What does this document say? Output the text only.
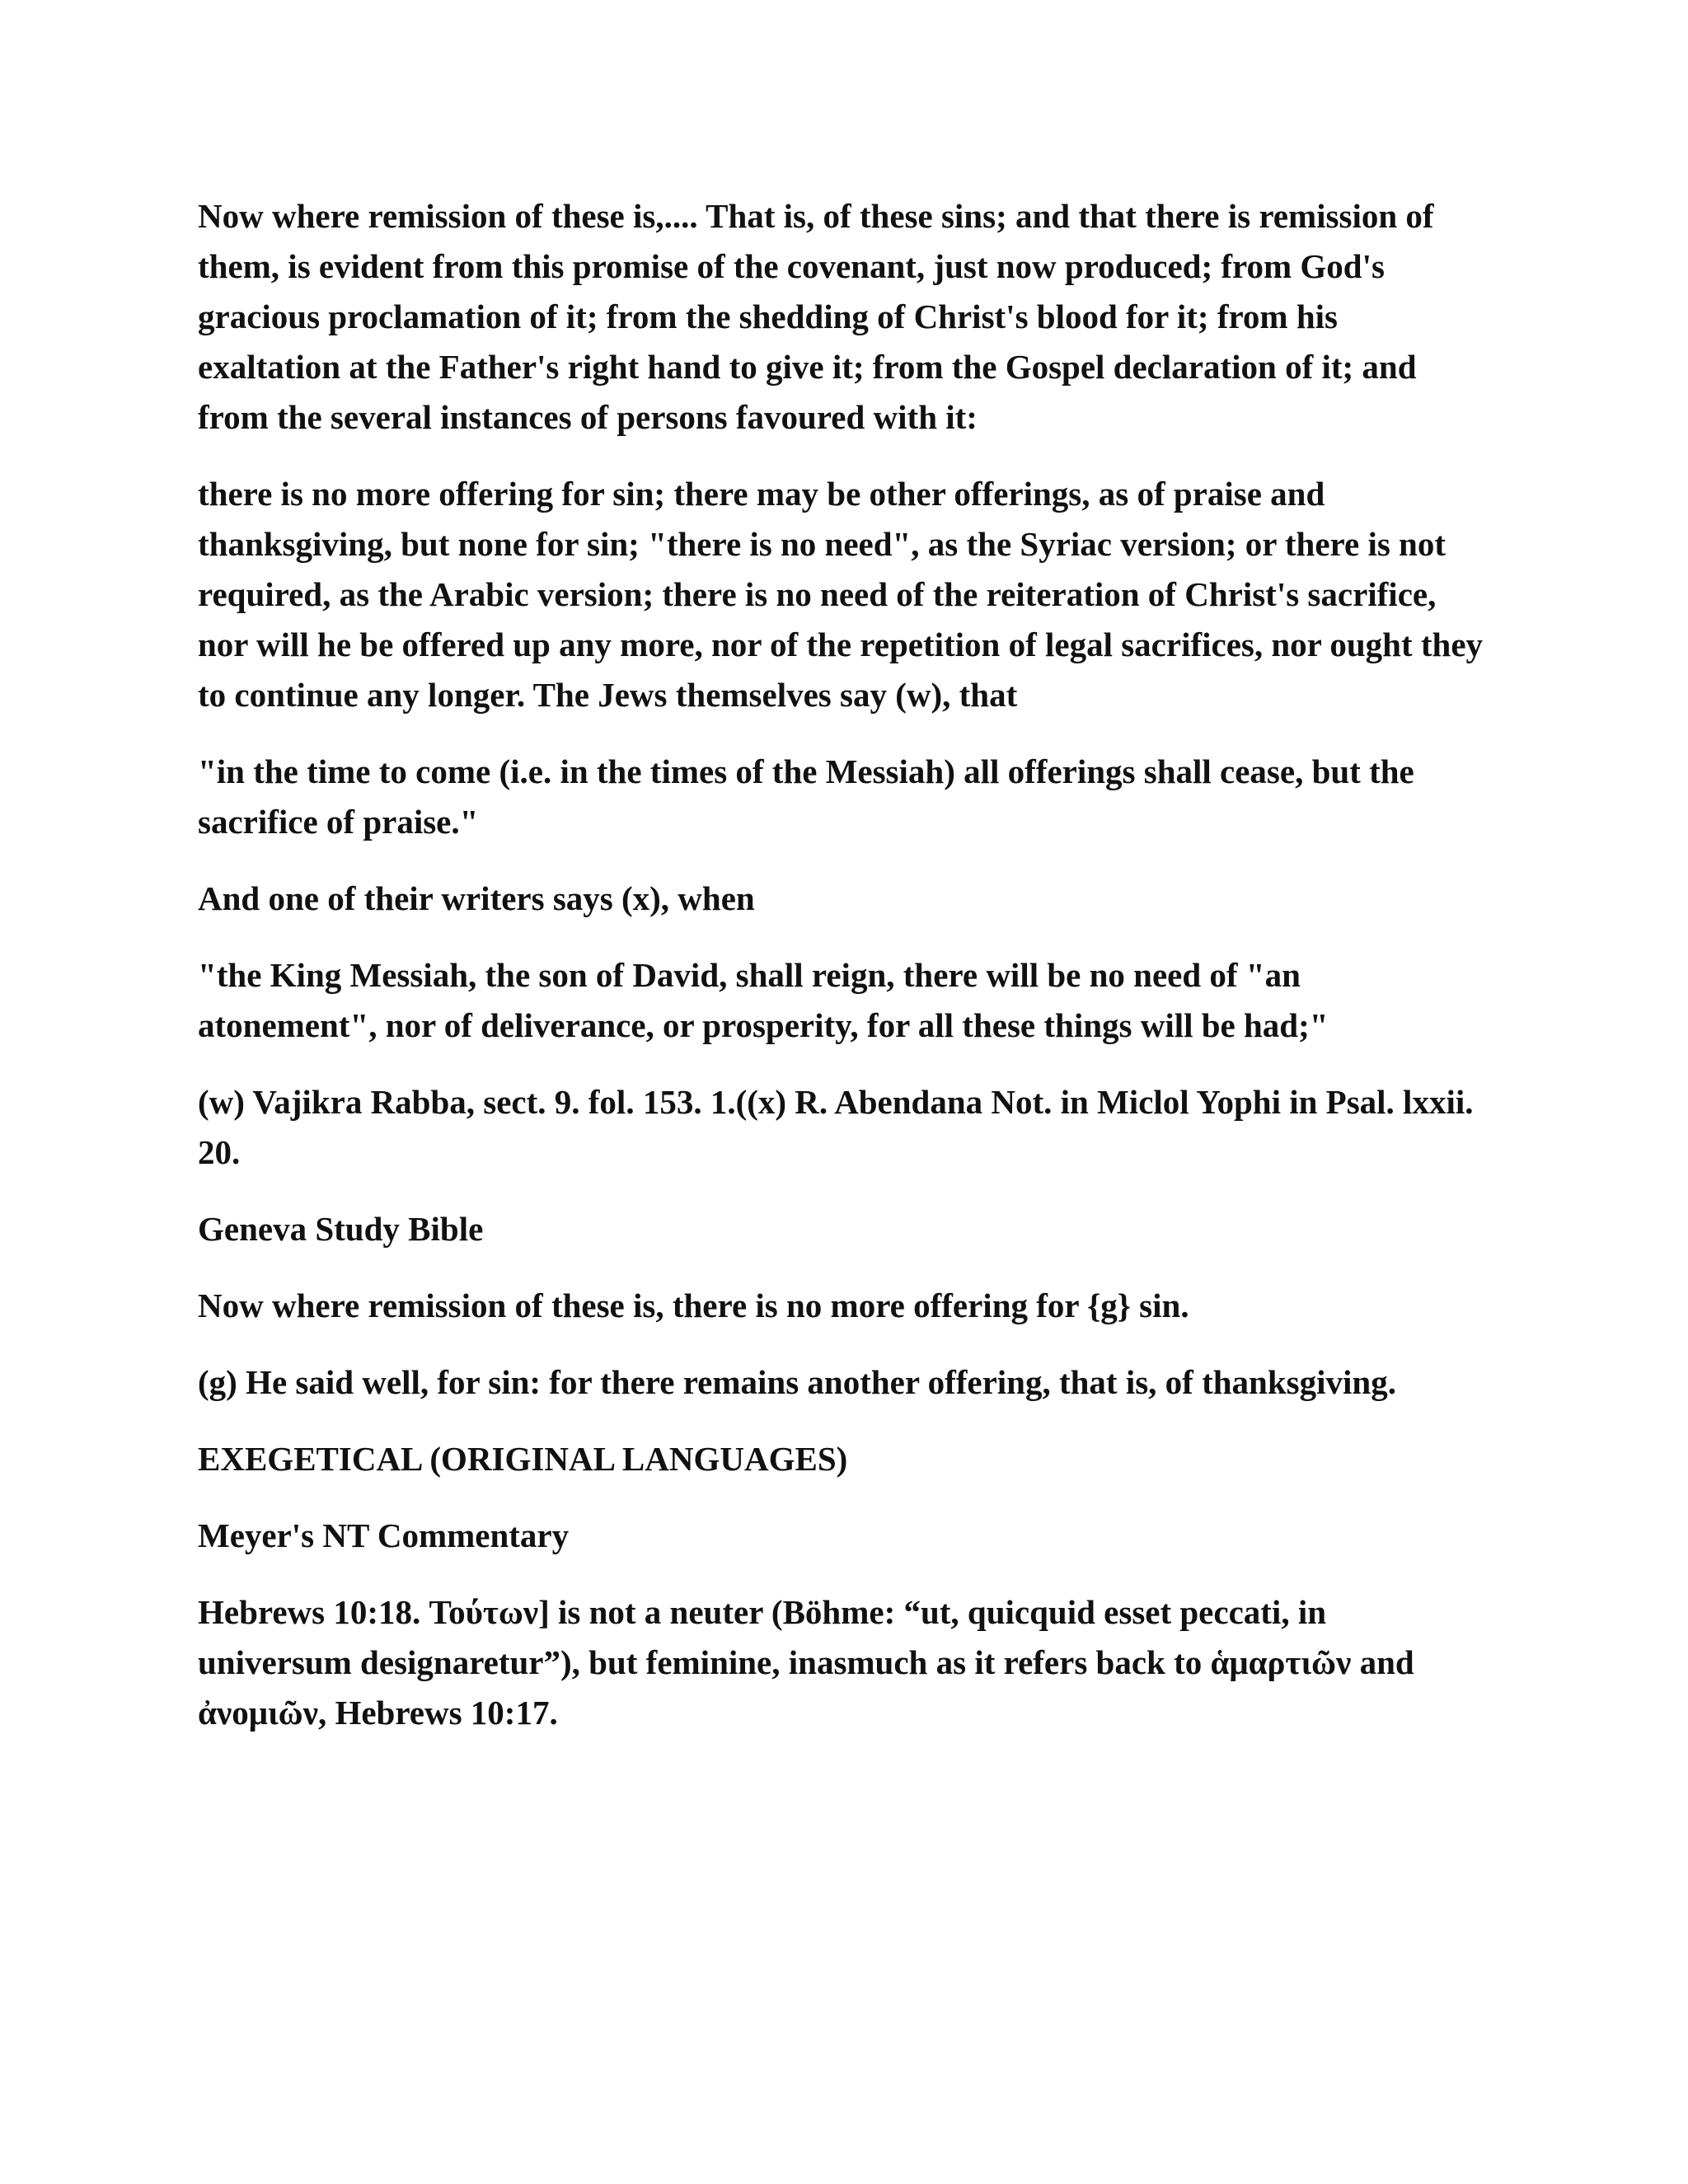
Now where remission of these is,.... That is, of these sins; and that there is remission of them, is evident from this promise of the covenant, just now produced; from God's gracious proclamation of it; from the shedding of Christ's blood for it; from his exaltation at the Father's right hand to give it; from the Gospel declaration of it; and from the several instances of persons favoured with it:

there is no more offering for sin; there may be other offerings, as of praise and thanksgiving, but none for sin; "there is no need", as the Syriac version; or there is not required, as the Arabic version; there is no need of the reiteration of Christ's sacrifice, nor will he be offered up any more, nor of the repetition of legal sacrifices, nor ought they to continue any longer. The Jews themselves say (w), that

"in the time to come (i.e. in the times of the Messiah) all offerings shall cease, but the sacrifice of praise."

And one of their writers says (x), when

"the King Messiah, the son of David, shall reign, there will be no need of "an atonement", nor of deliverance, or prosperity, for all these things will be had;"

(w) Vajikra Rabba, sect. 9. fol. 153. 1.((x) R. Abendana Not. in Miclol Yophi in Psal. lxxii. 20.

Geneva Study Bible

Now where remission of these is, there is no more offering for {g} sin.

(g) He said well, for sin: for there remains another offering, that is, of thanksgiving.

EXEGETICAL (ORIGINAL LANGUAGES)

Meyer's NT Commentary

Hebrews 10:18. Τούτων] is not a neuter (Böhme: “ut, quicquid esset peccati, in universum designaretur”), but feminine, inasmuch as it refers back to ἁμαρτιῶν and ἀνομιῶν, Hebrews 10:17.
